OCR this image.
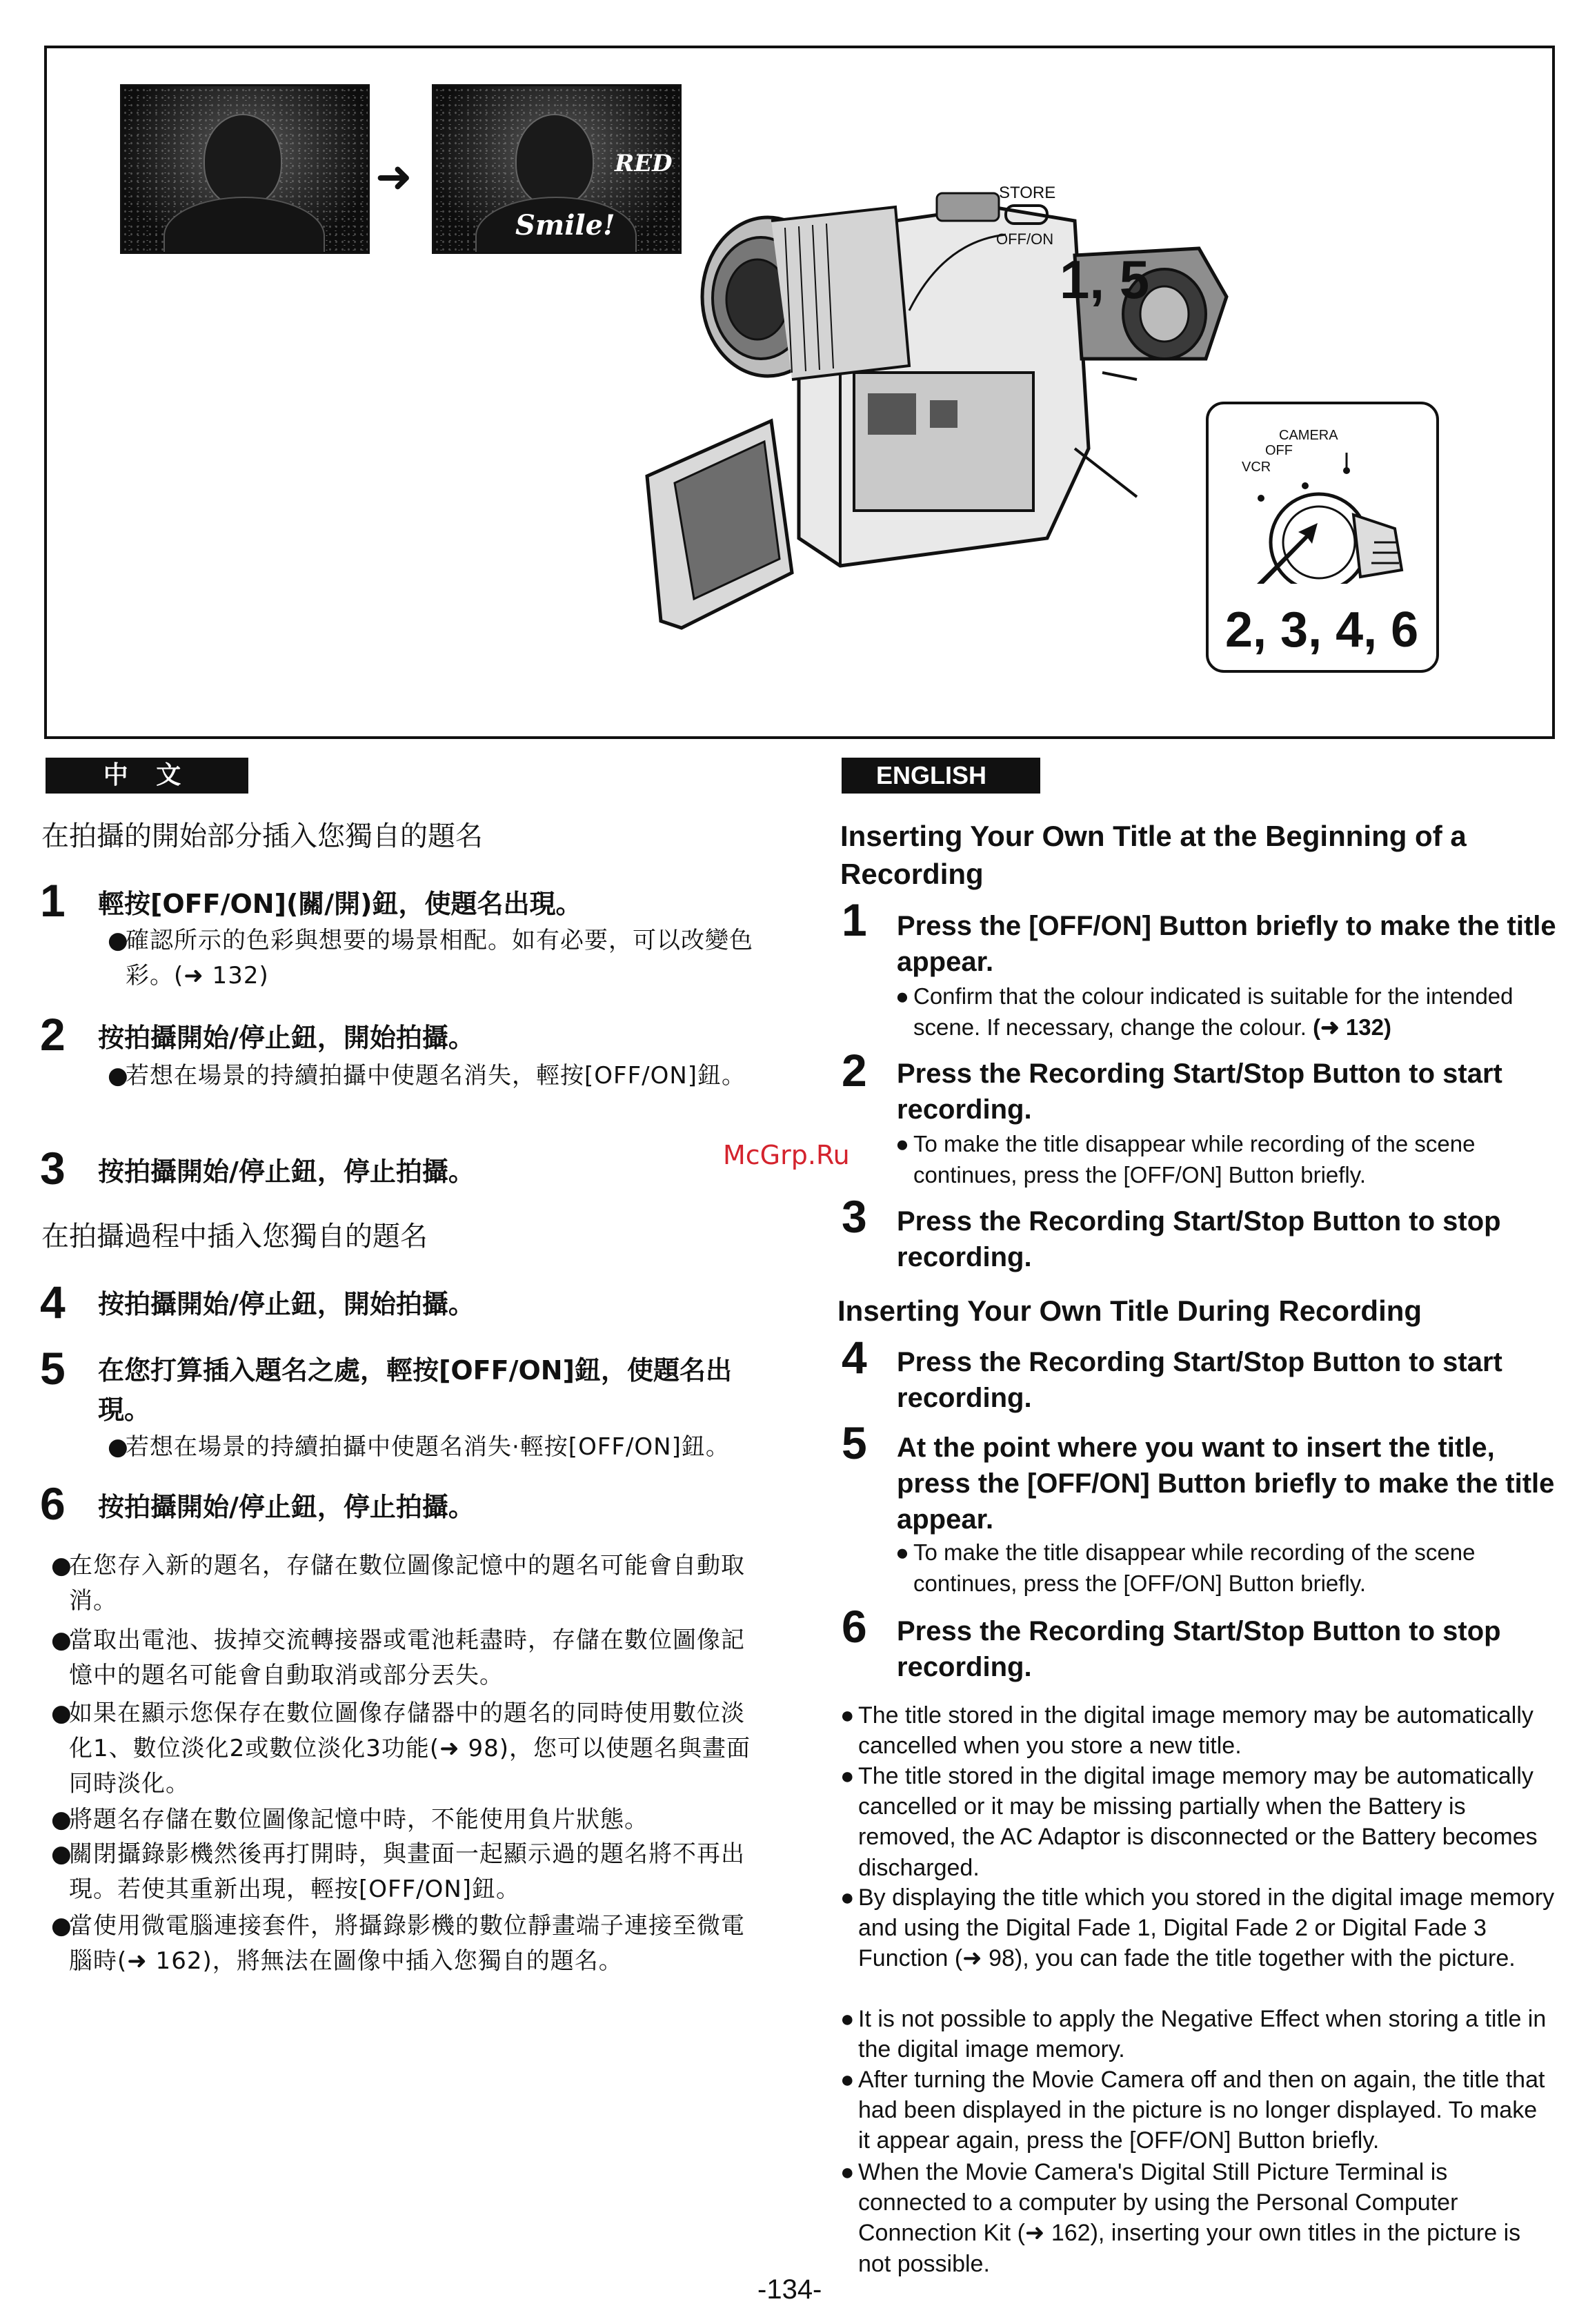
➜
Smile!
RED
STORE
OFF/ON
1, 5
CAMERA
OFF
VCR
2, 3, 4, 6
中 文
在拍攝的開始部分插入您獨自的題名
1 輕按[OFF/ON](關/開)鈕，使題名出現。
●
確認所示的色彩與想要的場景相配。如有必要，可以改變色彩。(➜ 132)
2 按拍攝開始/停止鈕，開始拍攝。
●
若想在場景的持續拍攝中使題名消失，輕按[OFF/ON]鈕。
3 按拍攝開始/停止鈕，停止拍攝。
在拍攝過程中插入您獨自的題名
4 按拍攝開始/停止鈕，開始拍攝。
5 在您打算插入題名之處，輕按[OFF/ON]鈕，使題名出現。
●
若想在場景的持續拍攝中使題名消失·輕按[OFF/ON]鈕。
6 按拍攝開始/停止鈕，停止拍攝。
●
在您存入新的題名，存儲在數位圖像記憶中的題名可能會自動取消。
●
當取出電池、拔掉交流轉接器或電池耗盡時，存儲在數位圖像記憶中的題名可能會自動取消或部分丟失。
●
如果在顯示您保存在數位圖像存儲器中的題名的同時使用數位淡化1、數位淡化2或數位淡化3功能(➜ 98)，您可以使題名與畫面同時淡化。
●
將題名存儲在數位圖像記憶中時，不能使用負片狀態。
●
關閉攝錄影機然後再打開時，與畫面一起顯示過的題名將不再出現。若使其重新出現，輕按[OFF/ON]鈕。
●
當使用微電腦連接套件，將攝錄影機的數位靜畫端子連接至微電腦時(➜ 162)，將無法在圖像中插入您獨自的題名。
McGrp.Ru
ENGLISH
Inserting Your Own Title at the Beginning of a Recording
1 Press the [OFF/ON] Button briefly to make the title appear.
● Confirm that the colour indicated is suitable for the intended scene. If necessary, change the colour. (➜ 132)
2 Press the Recording Start/Stop Button to start recording.
● To make the title disappear while recording of the scene continues, press the [OFF/ON] Button briefly.
3 Press the Recording Start/Stop Button to stop recording.
Inserting Your Own Title During Recording
4 Press the Recording Start/Stop Button to start recording.
5 At the point where you want to insert the title, press the [OFF/ON] Button briefly to make the title appear.
● To make the title disappear while recording of the scene continues, press the [OFF/ON] Button briefly.
6 Press the Recording Start/Stop Button to stop recording.
● The title stored in the digital image memory may be automatically cancelled when you store a new title.
● The title stored in the digital image memory may be automatically cancelled or it may be missing partially when the Battery is removed, the AC Adaptor is disconnected or the Battery becomes discharged.
● By displaying the title which you stored in the digital image memory and using the Digital Fade 1, Digital Fade 2 or Digital Fade 3 Function (➜ 98), you can fade the title together with the picture.
● It is not possible to apply the Negative Effect when storing a title in the digital image memory.
● After turning the Movie Camera off and then on again, the title that had been displayed in the picture is no longer displayed. To make it appear again, press the [OFF/ON] Button briefly.
● When the Movie Camera's Digital Still Picture Terminal is connected to a computer by using the Personal Computer Connection Kit (➜ 162), inserting your own titles in the picture is not possible.
-134-
